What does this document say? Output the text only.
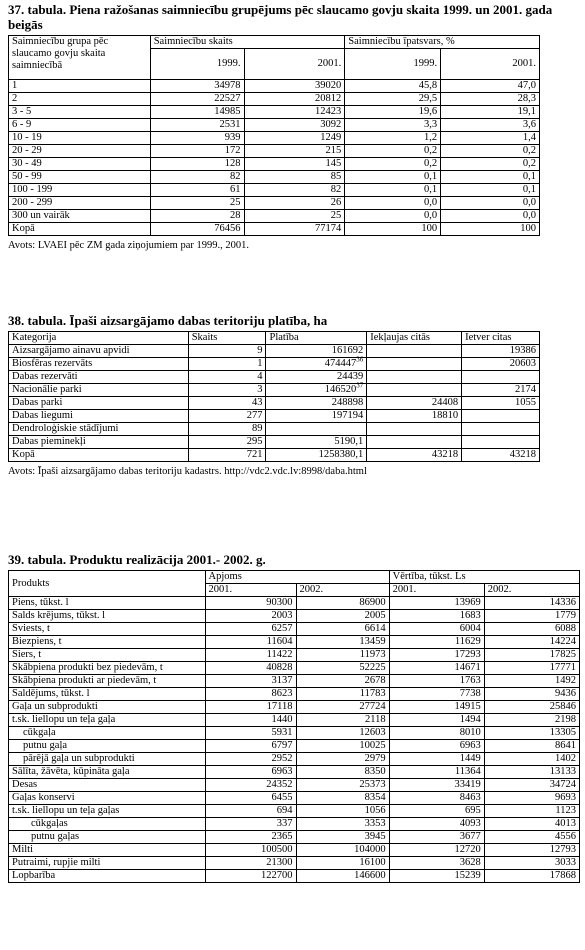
37. tabula. Piena ražošanas saimniecību grupējums pēc slaucamo govju skaita 1999. un 2001. gada beigās

Saimniecību grupa pēc slaucamo govju skaita saimniecībā	Saimniecību skaits		Saimniecību īpatsvars, %	
	1999.	2001.	1999.	2001.
1	34978	39020	45,8	47,0
2	22527	20812	29,5	28,3
3 - 5	14985	12423	19,6	19,1
6 - 9	2531	3092	3,3	3,6
10 - 19	939	1249	1,2	1,4
20 - 29	172	215	0,2	0,2
30 - 49	128	145	0,2	0,2
50 - 99	82	85	0,1	0,1
100 - 199	61	82	0,1	0,1
200 - 299	25	26	0,0	0,0
300 un vairāk	28	25	0,0	0,0
Kopā	76456	77174	100	100
Avots: LVAEI pēc ZM gada ziņojumiem par 1999., 2001.

38. tabula. Īpaši aizsargājamo dabas teritoriju platība, ha

Kategorija	Skaits	Platība	Iekļaujas citās	Ietver citas
Aizsargājamo ainavu apvidi	9	161692		19386
Biosfēras rezervāts	1	474447$^{36}$		20603
Dabas rezervāti	4	24439		
Nacionālie parki	3	146520$^{37}$		2174
Dabas parki	43	248898	24408	1055
Dabas liegumi	277	197194	18810	
Dendroloģiskie stādījumi	89			
Dabas pieminekļi	295	5190,1		
Kopā	721	1258380,1	43218	43218
Avots: Īpaši aizsargājamo dabas teritoriju kadastrs. http://vdc2.vdc.lv:8998/daba.html

39. tabula. Produktu realizācija 2001.- 2002. g.

Produkts	Apjoms		Vērtība, tūkst. Ls	
	2001.	2002.	2001.	2002.
Piens, tūkst. l	90300	86900	13969	14336
Salds krējums, tūkst. l	2003	2005	1683	1779
Sviests, t	6257	6614	6004	6088
Biezpiens, t	11604	13459	11629	14224
Siers, t	11422	11973	17293	17825
Skābpiena produkti bez piedevām, t	40828	52225	14671	17771
Skābpiena produkti ar piedevām, t	3137	2678	1763	1492
Saldējums, tūkst. l	8623	11783	7738	9436
Gaļa un subprodukti	17118	27724	14915	25846
t.sk. liellopu un teļa gaļa	1440	2118	1494	2198
cūkgaļa	5931	12603	8010	13305
putnu gaļa	6797	10025	6963	8641
pārējā gaļa un subprodukti	2952	2979	1449	1402
Sālīta, žāvēta, kūpināta gaļa	6963	8350	11364	13133
Desas	24352	25373	33419	34724
Gaļas konservi	6455	8354	8463	9693
t.sk. liellopu un teļa gaļas	694	1056	695	1123
cūkgaļas	337	3353	4093	4013
putnu gaļas	2365	3945	3677	4556
Milti	100500	104000	12720	12793
Putraimi, rupjie milti	21300	16100	3628	3033
Lopbarība	122700	146600	15239	17868
